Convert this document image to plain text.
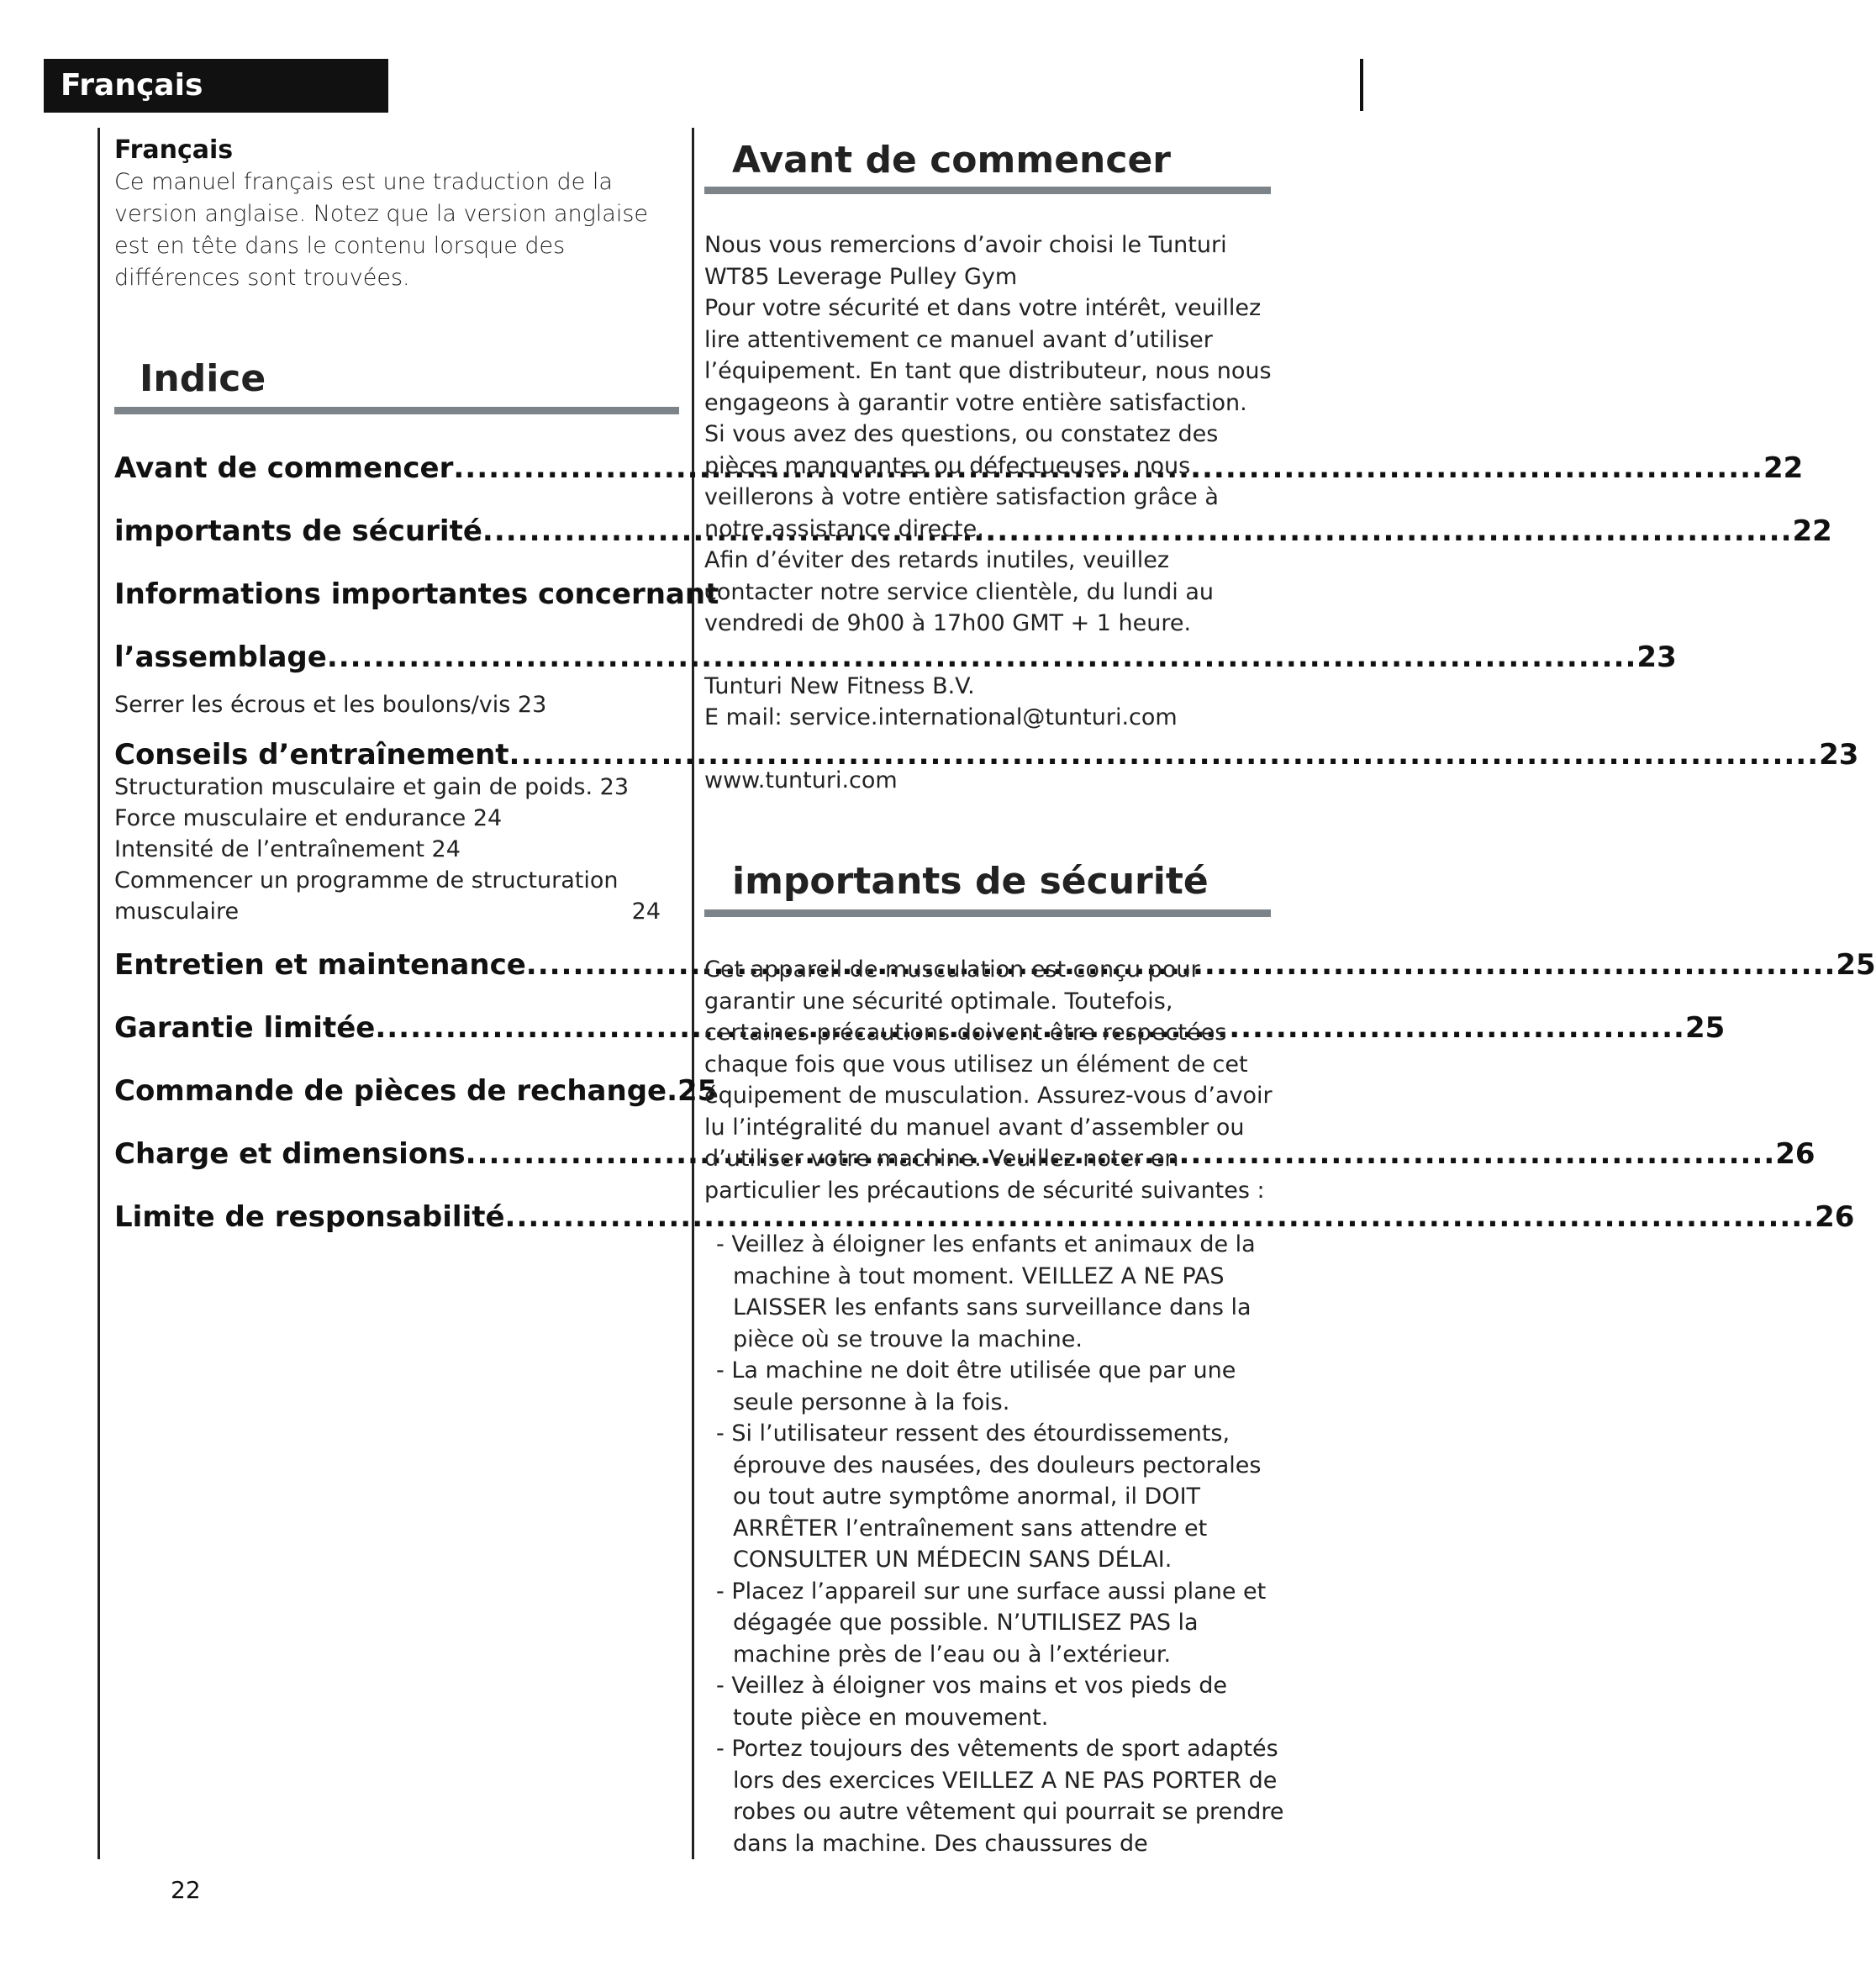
Français
Français
Ce manuel français est une traduction de la version anglaise. Notez que la version anglaise est en tête dans le contenu lorsque des différences sont trouvées.
Indice
Avant de commencer .....	22
importants de sécurité .....	22
Informations importantes concernant
l’assemblage .....	23
Serrer les écrous et les boulons/vis 23
Conseils d’entraînement .....	23
Structuration musculaire et gain de poids. 23
Force musculaire et endurance 24
Intensité de l’entraînement 24
Commencer un programme de structuration
musculaire	24
Entretien et maintenance .....	25
Garantie limitée .....	25
Commande de pièces de rechange. 25
Charge et dimensions .....	26
Limite de responsabilité .....	26
Avant de commencer
Nous vous remercions d’avoir choisi le Tunturi WT85 Leverage Pulley Gym
Pour votre sécurité et dans votre intérêt, veuillez lire attentivement ce manuel avant d’utiliser l’équipement. En tant que distributeur, nous nous engageons à garantir votre entière satisfaction.
Si vous avez des questions, ou constatez des pièces manquantes ou défectueuses, nous veillerons à votre entière satisfaction grâce à notre assistance directe.
Afin d’éviter des retards inutiles, veuillez contacter notre service clientèle, du lundi au vendredi de 9h00 à 17h00 GMT + 1 heure.
Tunturi New Fitness B.V.
E mail: service.international@tunturi.com
www.tunturi.com
importants de sécurité
Cet appareil de musculation est conçu pour garantir une sécurité optimale. Toutefois, certaines précautions doivent être respectées chaque fois que vous utilisez un élément de cet équipement de musculation. Assurez-vous d’avoir lu l’intégralité du manuel avant d’assembler ou d’utiliser votre machine. Veuillez noter en particulier les précautions de sécurité suivantes :
- Veillez à éloigner les enfants et animaux de la machine à tout moment. VEILLEZ A NE PAS LAISSER les enfants sans surveillance dans la pièce où se trouve la machine.
- La machine ne doit être utilisée que par une seule personne à la fois.
- Si l’utilisateur ressent des étourdissements, éprouve des nausées, des douleurs pectorales ou tout autre symptôme anormal, il DOIT ARRÊTER l’entraînement sans attendre et CONSULTER UN MÉDECIN SANS DÉLAI.
- Placez l’appareil sur une surface aussi plane et dégagée que possible. N’UTILISEZ PAS la machine près de l’eau ou à l’extérieur.
- Veillez à éloigner vos mains et vos pieds de toute pièce en mouvement.
- Portez toujours des vêtements de sport adaptés lors des exercices VEILLEZ A NE PAS PORTER de robes ou autre vêtement qui pourrait se prendre dans la machine. Des chaussures de
22
